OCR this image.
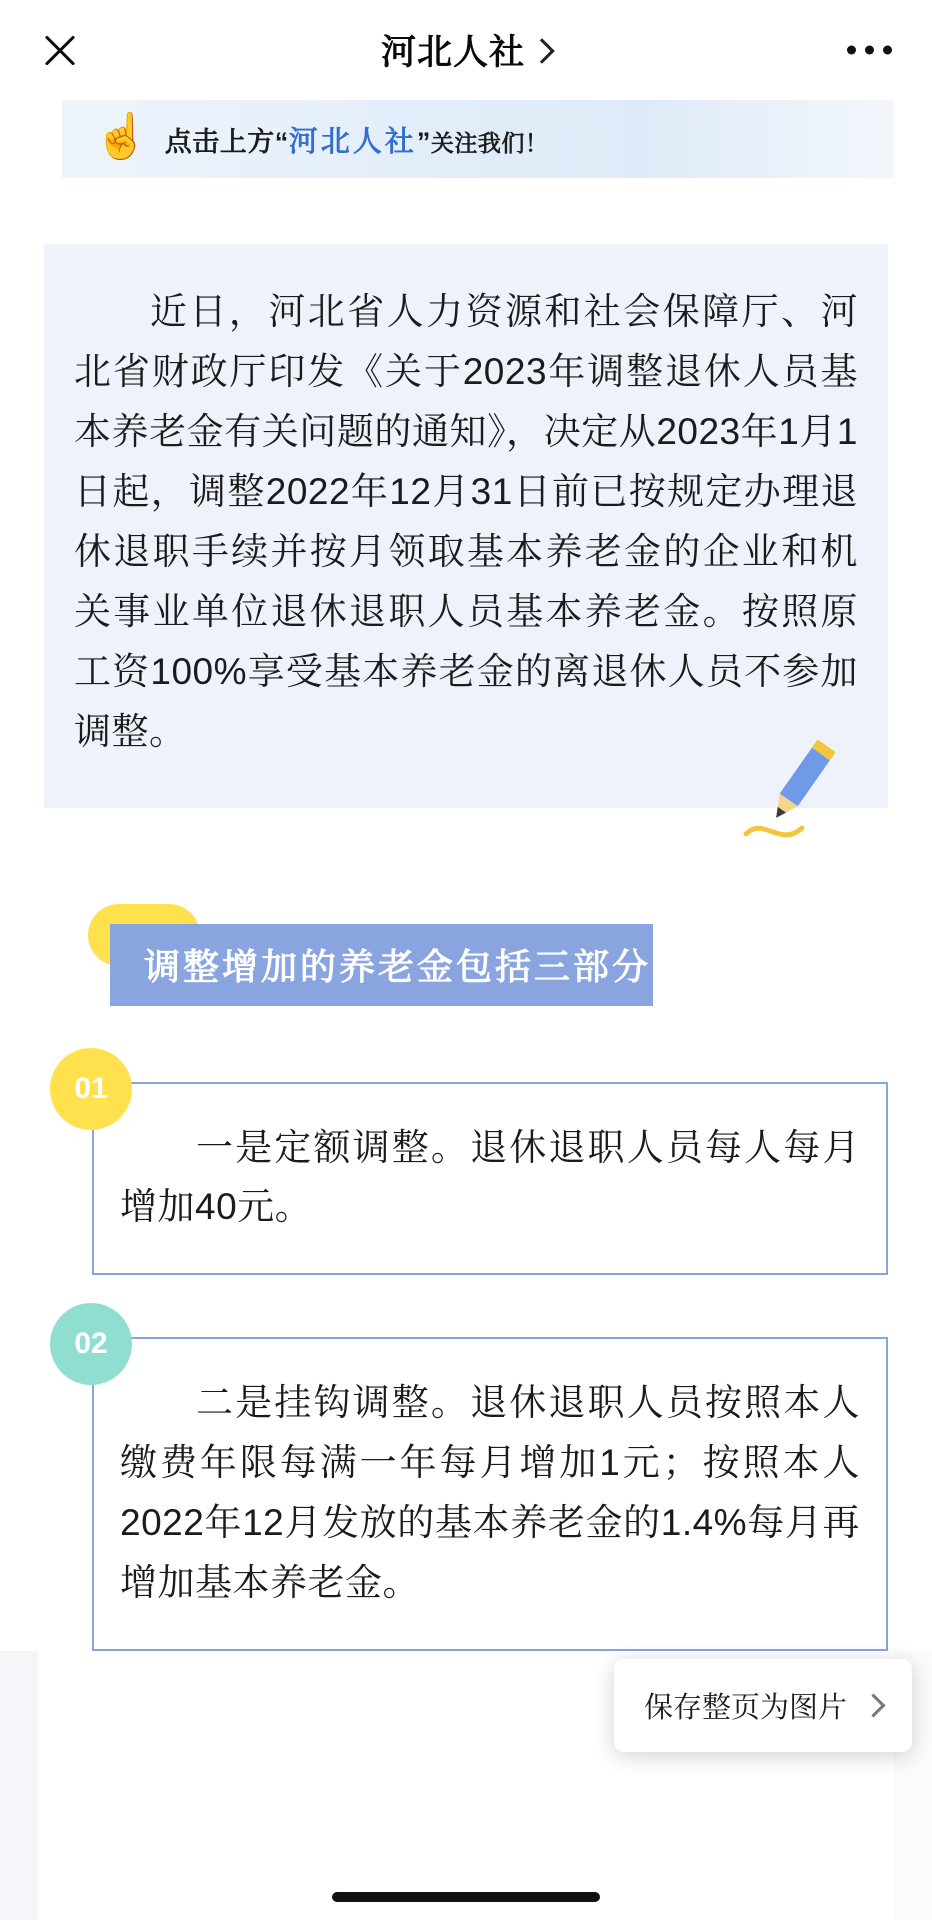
河北人社
☝ 点击上方“河北人社”关注我们！
近日，河北省人力资源和社会保障厅、河北省财政厅印发《关于2023年调整退休人员基本养老金有关问题的通知》，决定从2023年1月1日起，调整2022年12月31日前已按规定办理退休退职手续并按月领取基本养老金的企业和机关事业单位退休退职人员基本养老金。按照原工资100%享受基本养老金的离退休人员不参加调整。
调整增加的养老金包括三部分
01
一是定额调整。退休退职人员每人每月增加40元。
02
二是挂钩调整。退休退职人员按照本人缴费年限每满一年每月增加1元；按照本人2022年12月发放的基本养老金的1.4%每月再增加基本养老金。
保存整页为图片
